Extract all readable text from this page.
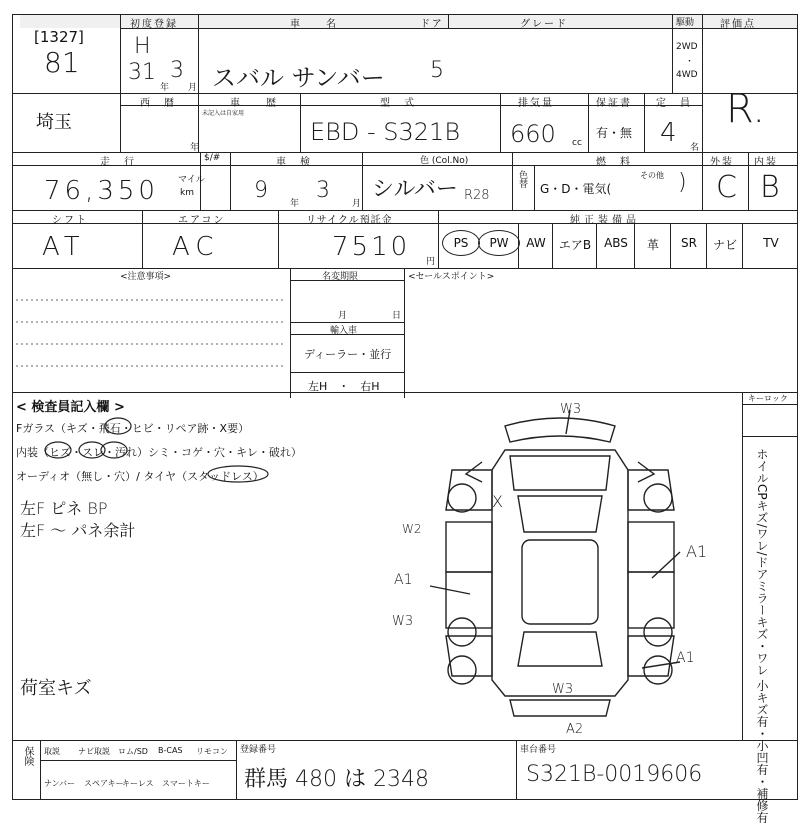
[1327]
81
初度登録
H
31
年
3
月
車　　名
スバル サンバー
ドア
5
グレード	駆動
2WD
・
4WD
評価点
R.
埼玉
西　暦
年
車　　歴
未記入は自家用
型　式
EBD - S321B
排気量
660 cc
保証書
有・無
定　員
4 名
走　行
76,350 マイル
km
$/#	車　検
9
年
3
月
色 (Col.No)
シルバー R28
色替
燃　料
G・D・電気(
その他 )
外装
C
内装
B
シフト
AT
エアコン
AC
リサイクル預託金
7510 円
純正装備品
PS	PW	AW	エアB	ABS	革	SR	ナビ	TV
<注意事項>	名変期限
月	日
輸入車
ディーラー・並行
左H　・　右H
<セールスポイント>
< 検査員記入欄 >
Fガラス（キズ・飛石・ヒビ・リペア跡・X要）
内装（ヒズ・スレ・汚れ）シミ・コゲ・穴・キレ・破れ）
オーディオ（無し・穴）/ タイヤ（スタッドレス）
左F ピネ BP
左F ～ パネ余計
荷室キズ
キーロック
ホイルCPキズ/ワレ/ドアミラーキズ・ワレ 小キズ有・小凹有・補修有
W3
X
W2
A1
W3
A1
A1
W3
A2
保険 取説 ナビ取説 ロム/SD B-CAS リモコン
ナンバー スペアキー
キーレス スマートキー
登録番号
群馬 480 は 2348
車台番号
S321B-0019606
